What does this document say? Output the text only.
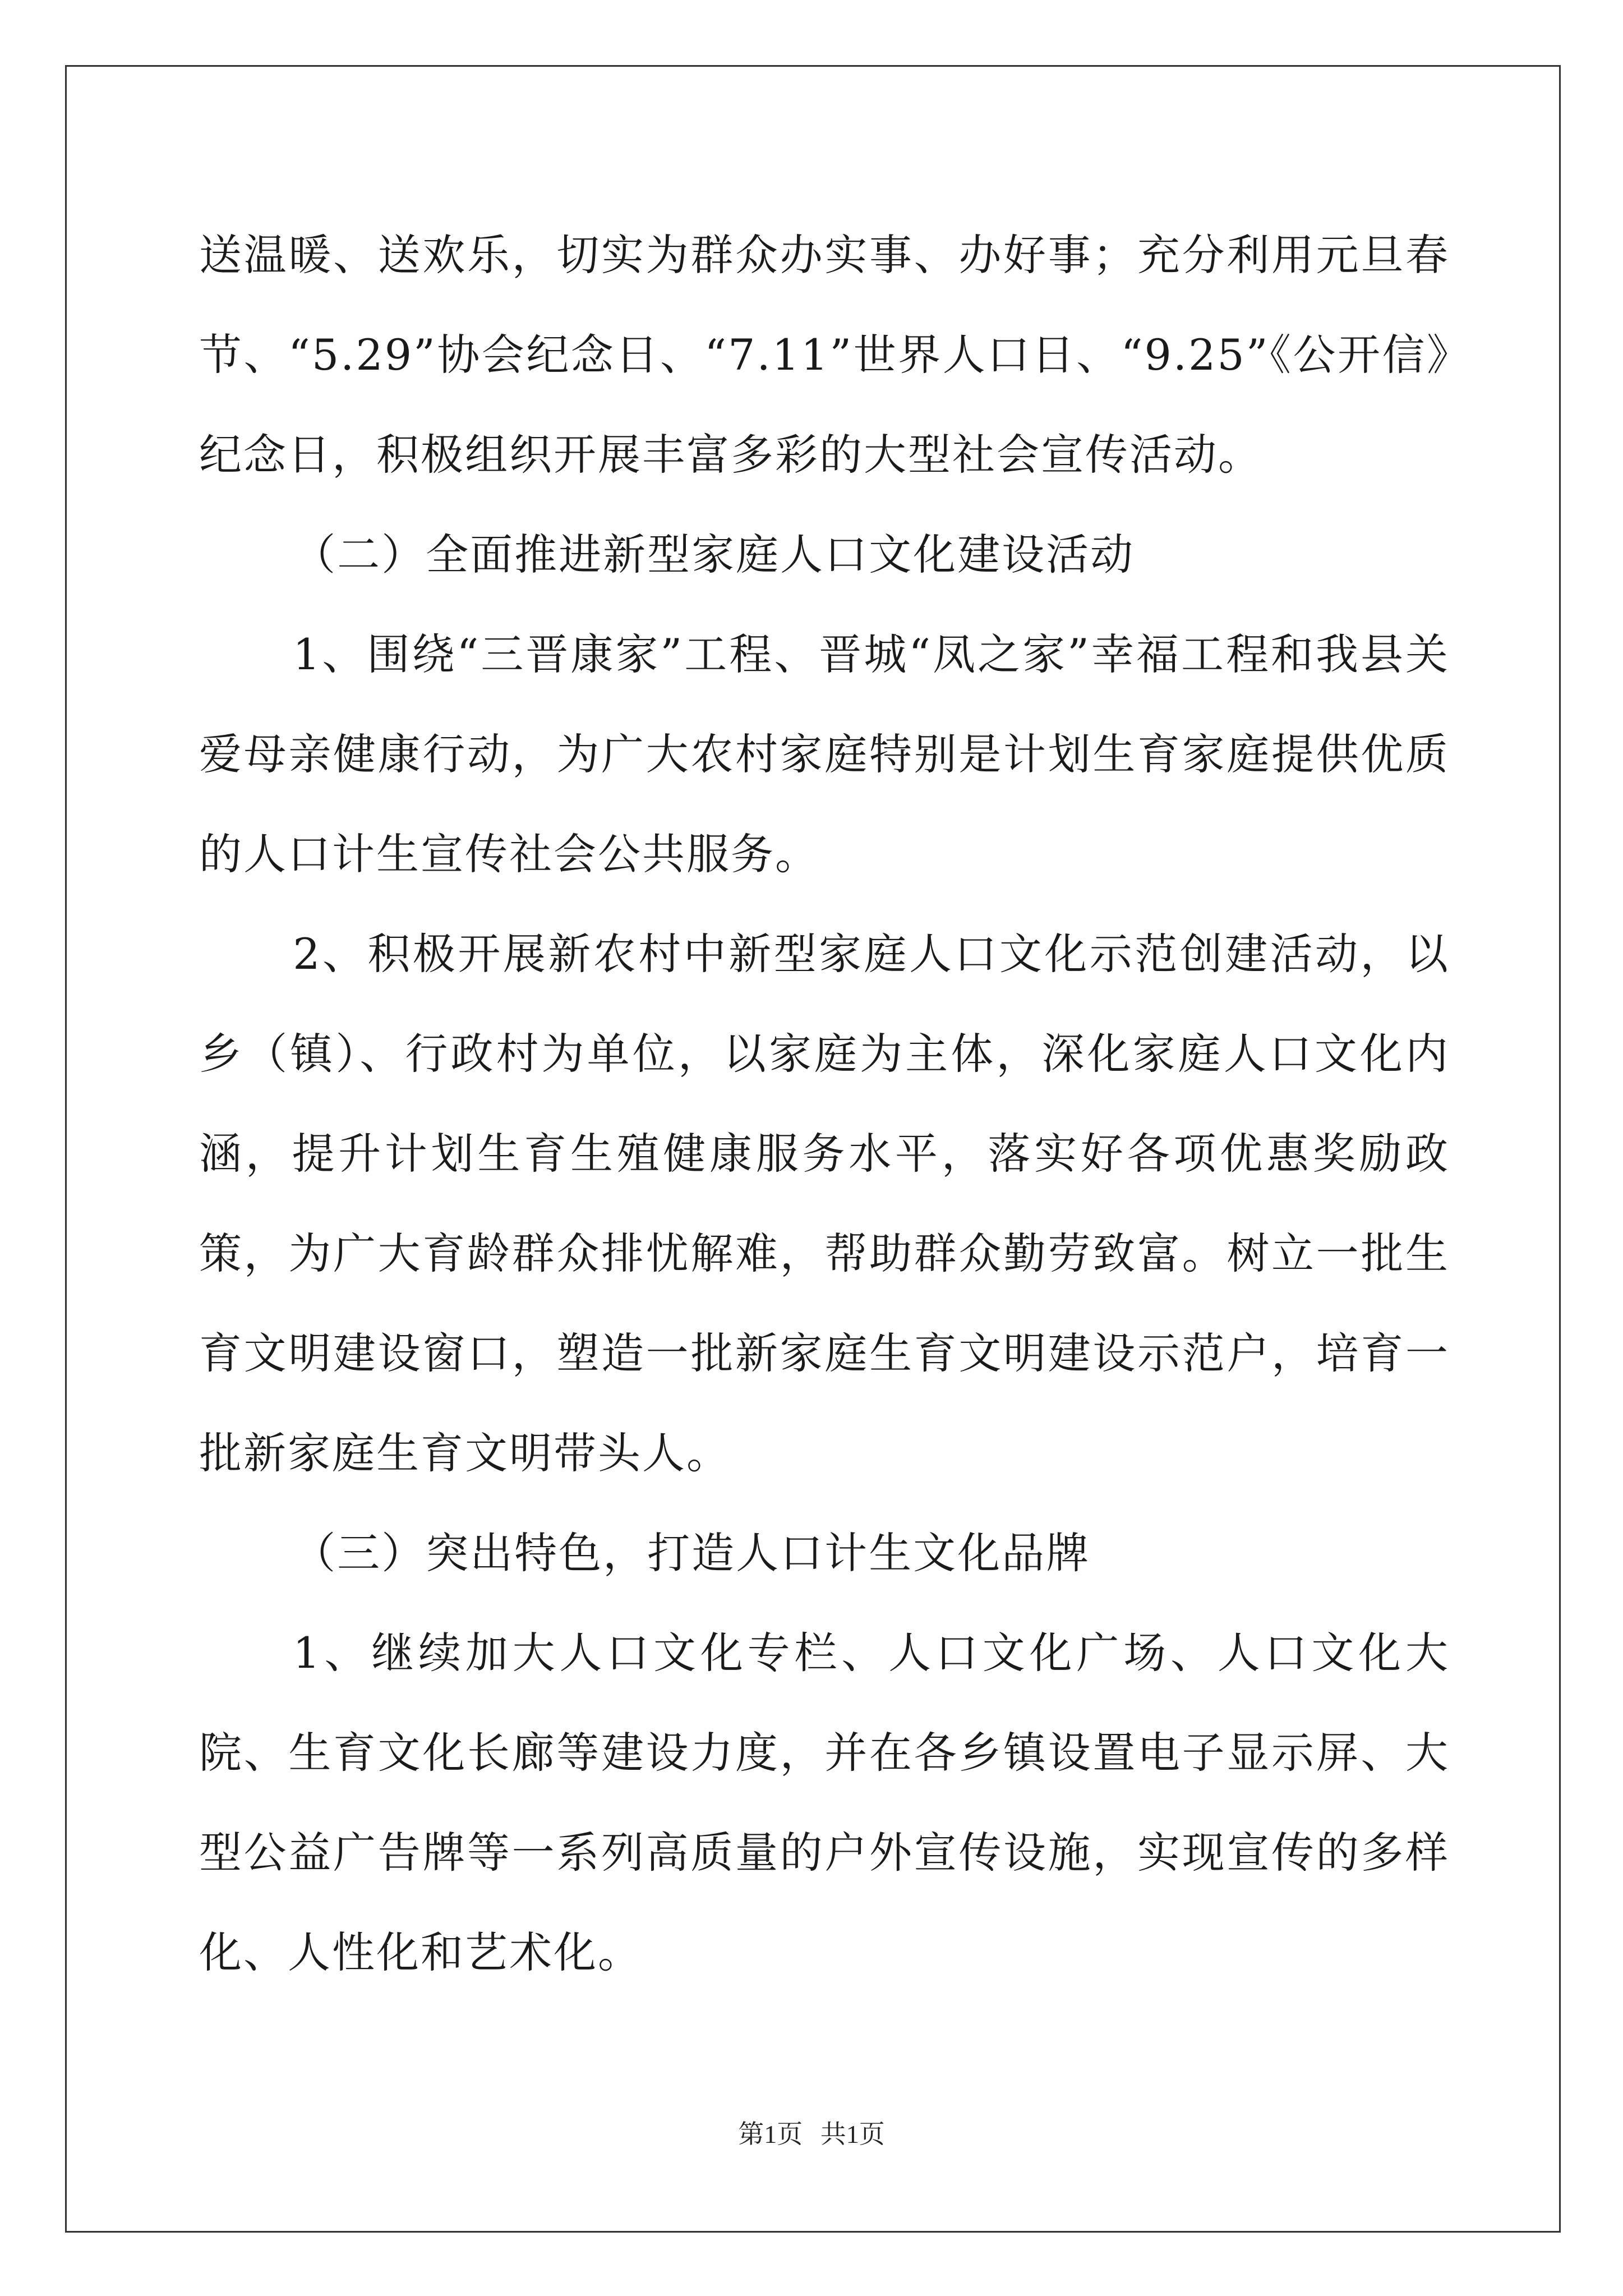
送温暖、送欢乐，切实为群众办实事、办好事；充分利用元旦春节、“5.29”协会纪念日、“7.11”世界人口日、“9.25”《公开信》纪念日，积极组织开展丰富多彩的大型社会宣传活动。

（二）全面推进新型家庭人口文化建设活动

1、围绕“三晋康家”工程、晋城“凤之家”幸福工程和我县关爱母亲健康行动，为广大农村家庭特别是计划生育家庭提供优质的人口计生宣传社会公共服务。

2、积极开展新农村中新型家庭人口文化示范创建活动，以乡（镇）、行政村为单位，以家庭为主体，深化家庭人口文化内涵，提升计划生育生殖健康服务水平，落实好各项优惠奖励政策，为广大育龄群众排忧解难，帮助群众勤劳致富。树立一批生育文明建设窗口，塑造一批新家庭生育文明建设示范户，培育一批新家庭生育文明带头人。

（三）突出特色，打造人口计生文化品牌

1、继续加大人口文化专栏、人口文化广场、人口文化大院、生育文化长廊等建设力度，并在各乡镇设置电子显示屏、大型公益广告牌等一系列高质量的户外宣传设施，实现宣传的多样化、人性化和艺术化。

第1页 共1页
